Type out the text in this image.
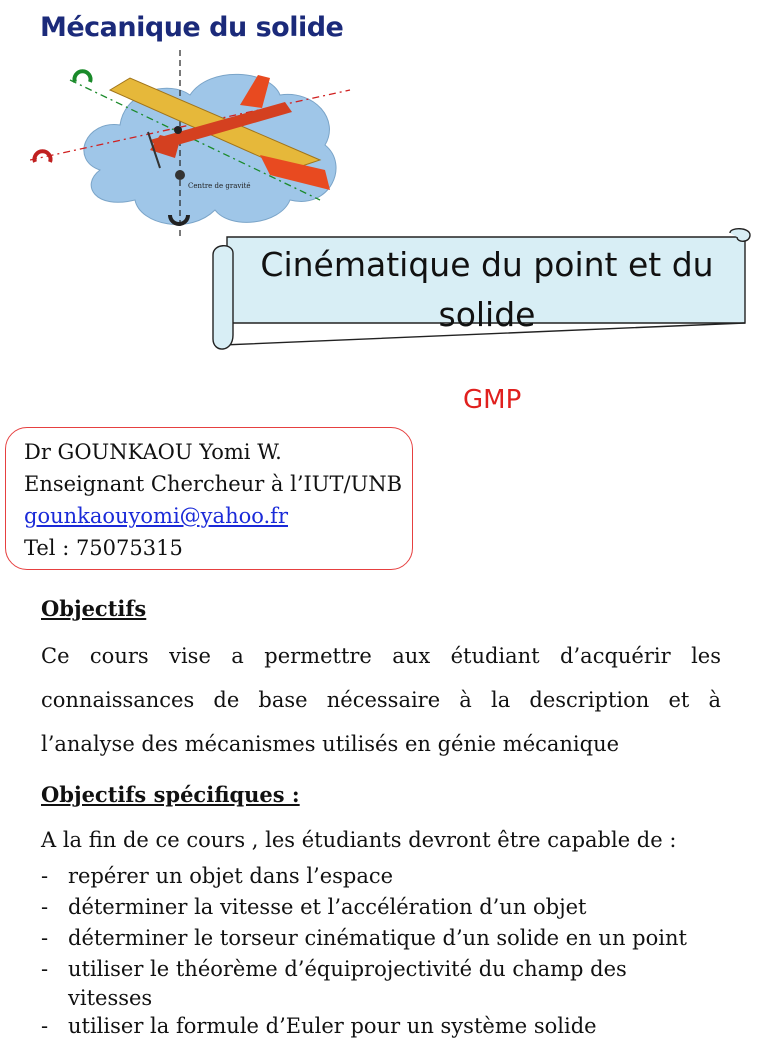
Mécanique du solide
Centre de gravité
Cinématique du point et du
solide
GMP
Dr GOUNKAOU Yomi W.
Enseignant Chercheur à l’IUT/UNB
gounkaouyomi@yahoo.fr
Tel : 75075315
Objectifs
Ce cours vise a permettre aux étudiant d’acquérir les
connaissances de base nécessaire à la description et à
l’analyse des mécanismes utilisés en génie mécanique
Objectifs spécifiques :
A la fin de ce cours , les étudiants devront être capable de :
- repérer un objet dans l’espace
- déterminer la vitesse et l’accélération d’un objet
- déterminer le torseur cinématique d’un solide en un point
- utiliser le théorème d’équiprojectivité du champ des
vitesses
- utiliser la formule d’Euler pour un système solide
